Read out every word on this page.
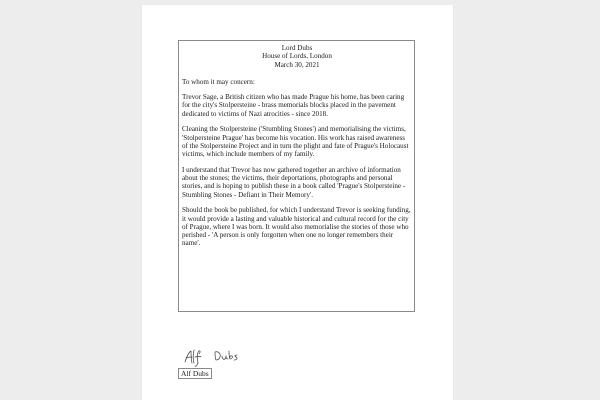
Lord Dubs
House of Lords, London
March 30, 2021
To whom it may concern:
Trevor Sage, a British citizen who has made Prague his home, has been caring for the city's Stolpersteine - brass memorials blocks placed in the pavement dedicated to victims of Nazi atrocities - since 2018.
Cleaning the Stolpersteine ('Stumbling Stones') and memorialising the victims, 'Stolpersteine Prague' has become his vocation. His work has raised awareness of the Stolpersteine Project and in turn the plight and fate of Prague's Holocaust victims, which include members of my family.
I understand that Trevor has now gathered together an archive of information about the stones; the victims, their deportations, photographs and personal stories, and is hoping to publish these in a book called 'Prague's Stolpersteine - Stumbling Stones - Defiant in Their Memory'.
Should the book be published, for which I understand Trevor is seeking funding, it would provide a lasting and valuable historical and cultural record for the city of Prague, where I was born. It would also memorialise the stories of those who perished - 'A person is only forgotten when one no longer remembers their name'.
Alf Dubs
